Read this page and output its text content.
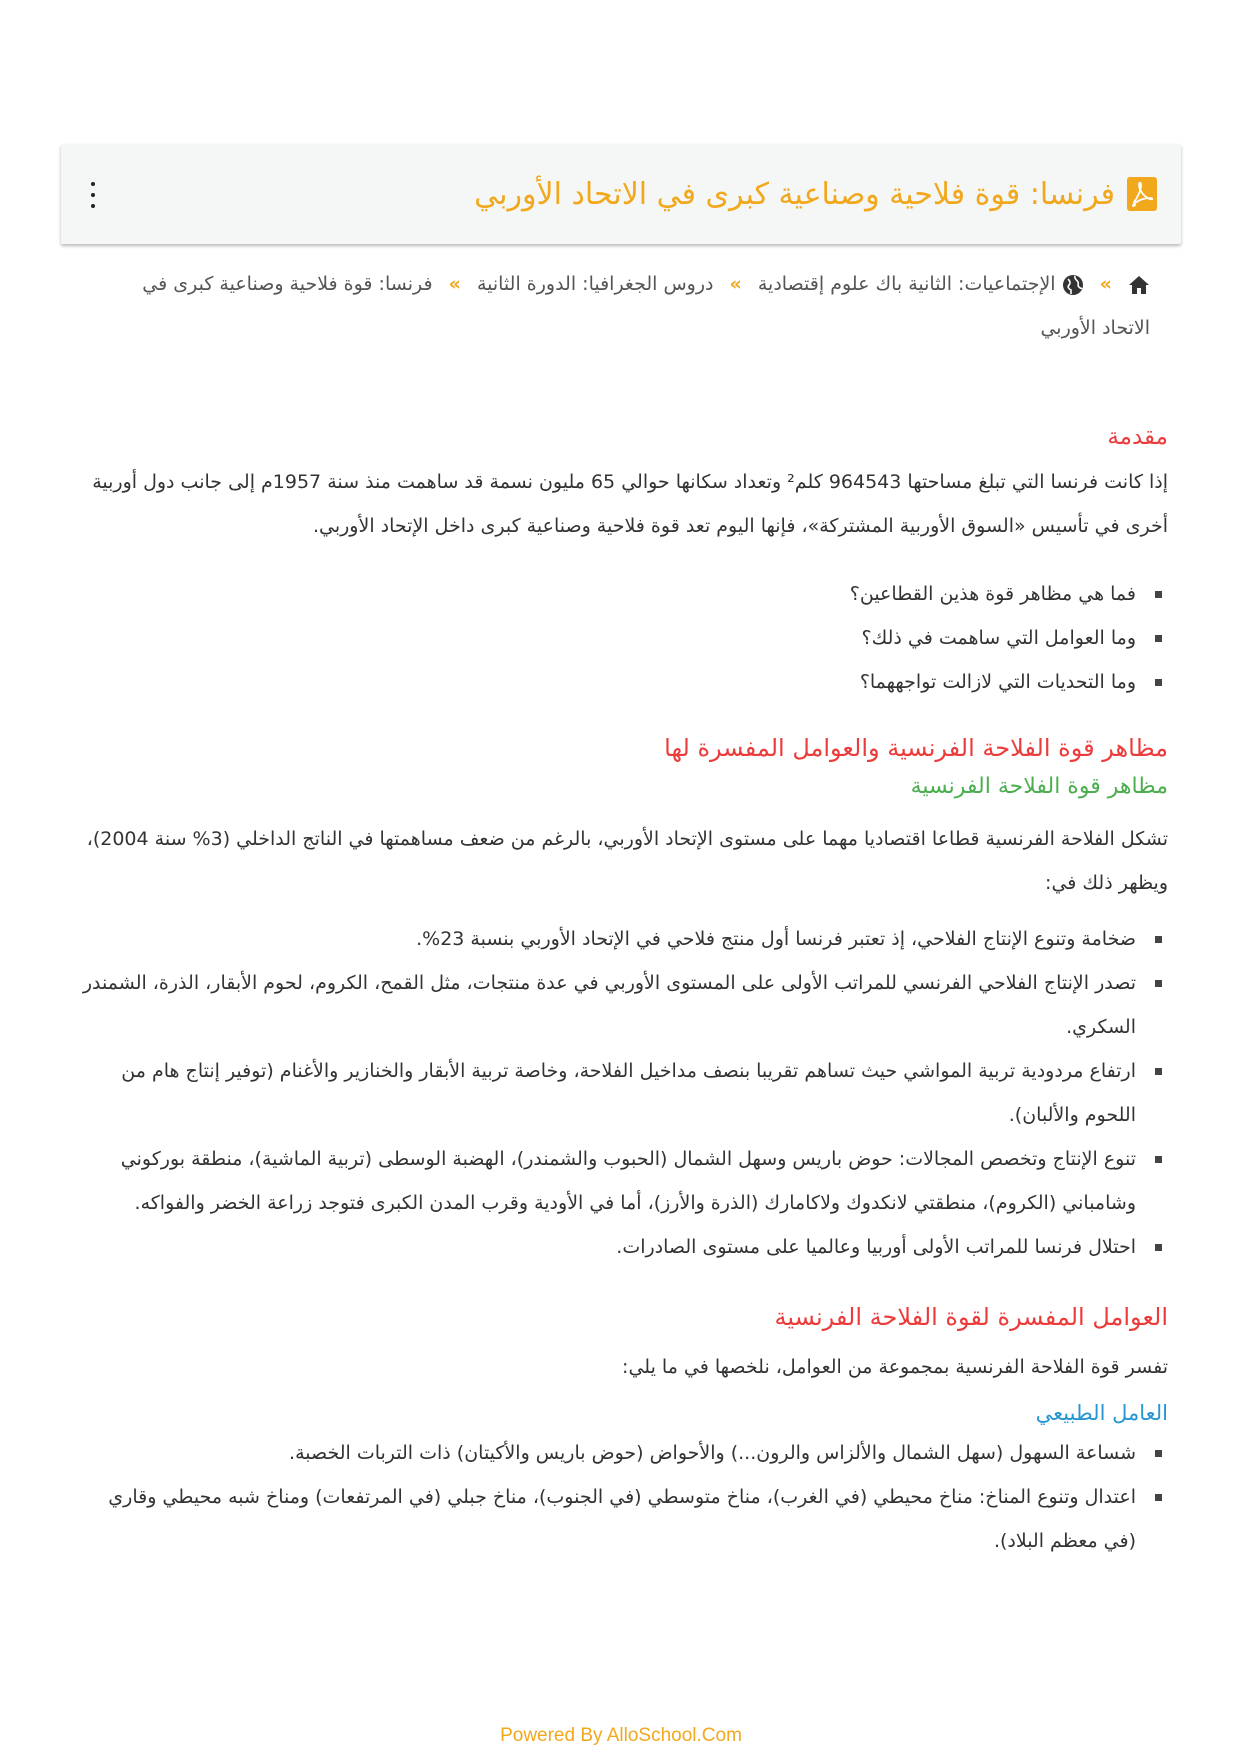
فرنسا: قوة فلاحية وصناعية كبرى في الاتحاد الأوربي
»  الإجتماعيات: الثانية باك علوم إقتصادية » دروس الجغرافيا: الدورة الثانية » فرنسا: قوة فلاحية وصناعية كبرى في الاتحاد الأوربي
مقدمة

إذا كانت فرنسا التي تبلغ مساحتها 964543 كلم² وتعداد سكانها حوالي 65 مليون نسمة قد ساهمت منذ سنة 1957م إلى جانب دول أوربية أخرى في تأسيس «السوق الأوربية المشتركة»، فإنها اليوم تعد قوة فلاحية وصناعية كبرى داخل الإتحاد الأوربي.

فما هي مظاهر قوة هذين القطاعين؟
وما العوامل التي ساهمت في ذلك؟
وما التحديات التي لازالت تواجههما؟
مظاهر قوة الفلاحة الفرنسية والعوامل المفسرة لها
مظاهر قوة الفلاحة الفرنسية

تشكل الفلاحة الفرنسية قطاعا اقتصاديا مهما على مستوى الإتحاد الأوربي، بالرغم من ضعف مساهمتها في الناتج الداخلي (3% سنة 2004)، ويظهر ذلك في:

ضخامة وتنوع الإنتاج الفلاحي، إذ تعتبر فرنسا أول منتج فلاحي في الإتحاد الأوربي بنسبة 23%.
تصدر الإنتاج الفلاحي الفرنسي للمراتب الأولى على المستوى الأوربي في عدة منتجات، مثل القمح، الكروم، لحوم الأبقار، الذرة، الشمندر السكري.
ارتفاع مردودية تربية المواشي حيث تساهم تقريبا بنصف مداخيل الفلاحة، وخاصة تربية الأبقار والخنازير والأغنام (توفير إنتاج هام من اللحوم والألبان).
تنوع الإنتاج وتخصص المجالات: حوض باريس وسهل الشمال (الحبوب والشمندر)، الهضبة الوسطى (تربية الماشية)، منطقة بوركوني وشامباني (الكروم)، منطقتي لانكدوك ولاكامارك (الذرة والأرز)، أما في الأودية وقرب المدن الكبرى فتوجد زراعة الخضر والفواكه.
احتلال فرنسا للمراتب الأولى أوربيا وعالميا على مستوى الصادرات.
العوامل المفسرة لقوة الفلاحة الفرنسية

تفسر قوة الفلاحة الفرنسية بمجموعة من العوامل، نلخصها في ما يلي:

العامل الطبيعي
شساعة السهول (سهل الشمال والألزاس والرون...) والأحواض (حوض باريس والأكيتان) ذات التربات الخصبة.
اعتدال وتنوع المناخ: مناخ محيطي (في الغرب)، مناخ متوسطي (في الجنوب)، مناخ جبلي (في المرتفعات) ومناخ شبه محيطي وقاري (في معظم البلاد).
Powered By AlloSchool.Com
